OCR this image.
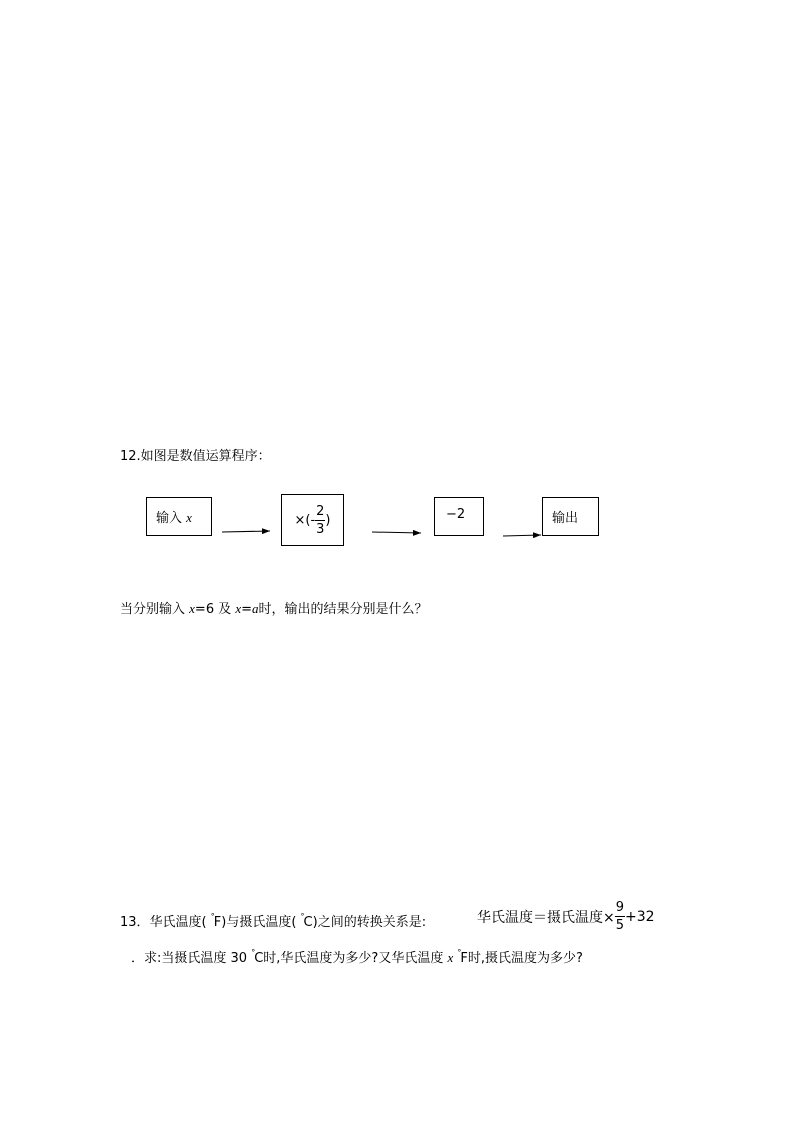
12.如图是数值运算程序：
输入 x	×(- $\frac{2}{3}$ )	−2	输出
当分别输入 x=6 及 x=a时，输出的结果分别是什么？
13．华氏温度( °F)与摄氏温度( °C)之间的转换关系是:	华氏温度＝摄氏温度× $\frac{9}{5} +32$
．求:当摄氏温度 30 °C时,华氏温度为多少?又华氏温度 x °F时,摄氏温度为多少?
